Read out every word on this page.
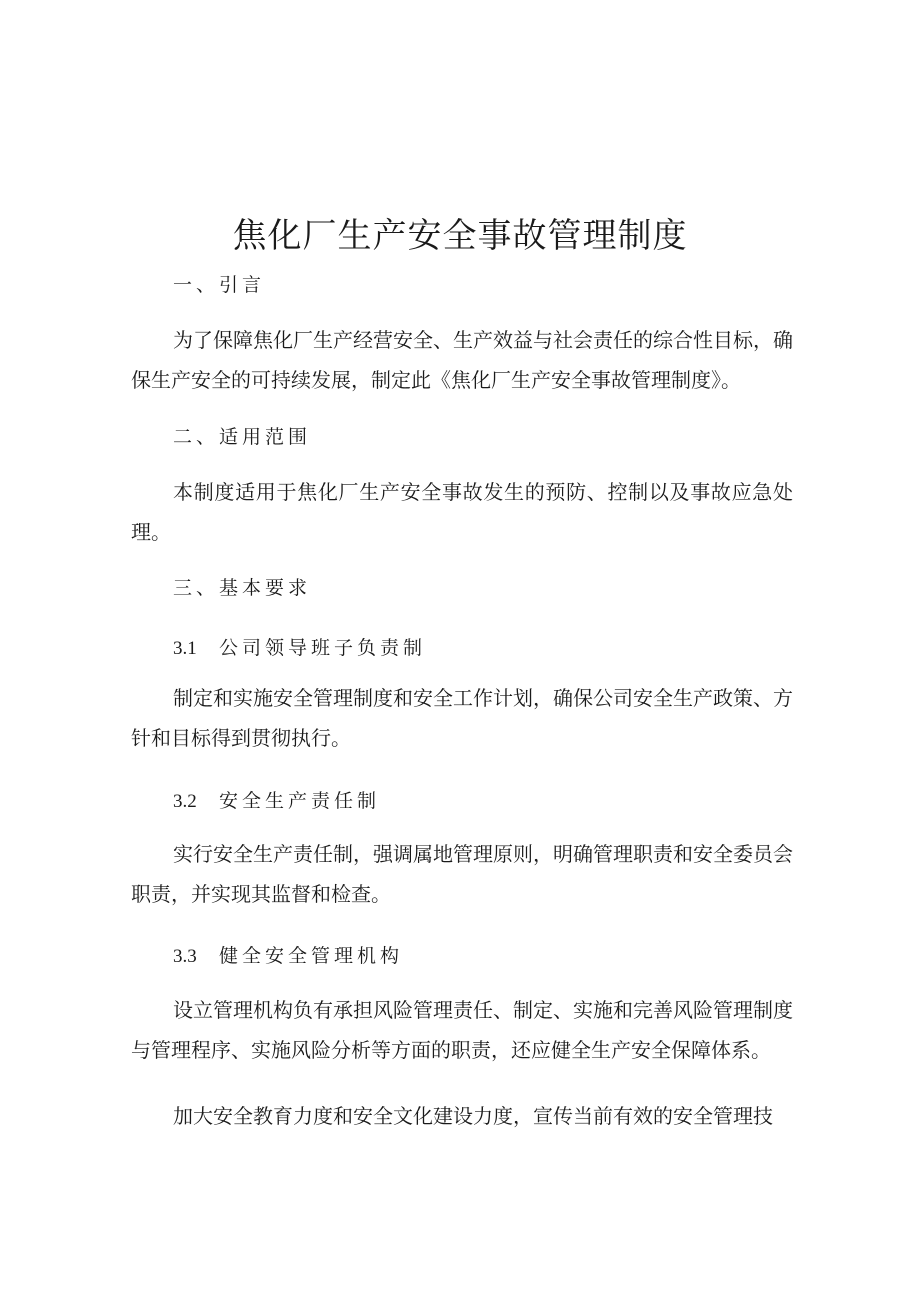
焦化厂生产安全事故管理制度
一、引言

为了保障焦化厂生产经营安全、生产效益与社会责任的综合性目标，确保生产安全的可持续发展，制定此《焦化厂生产安全事故管理制度》。

二、适用范围

本制度适用于焦化厂生产安全事故发生的预防、控制以及事故应急处理。

三、基本要求
3.1 公司领导班子负责制

制定和实施安全管理制度和安全工作计划，确保公司安全生产政策、方针和目标得到贯彻执行。

3.2 安全生产责任制

实行安全生产责任制，强调属地管理原则，明确管理职责和安全委员会职责，并实现其监督和检查。

3.3 健全安全管理机构

设立管理机构负有承担风险管理责任、制定、实施和完善风险管理制度与管理程序、实施风险分析等方面的职责，还应健全生产安全保障体系。

加大安全教育力度和安全文化建设力度，宣传当前有效的安全管理技
